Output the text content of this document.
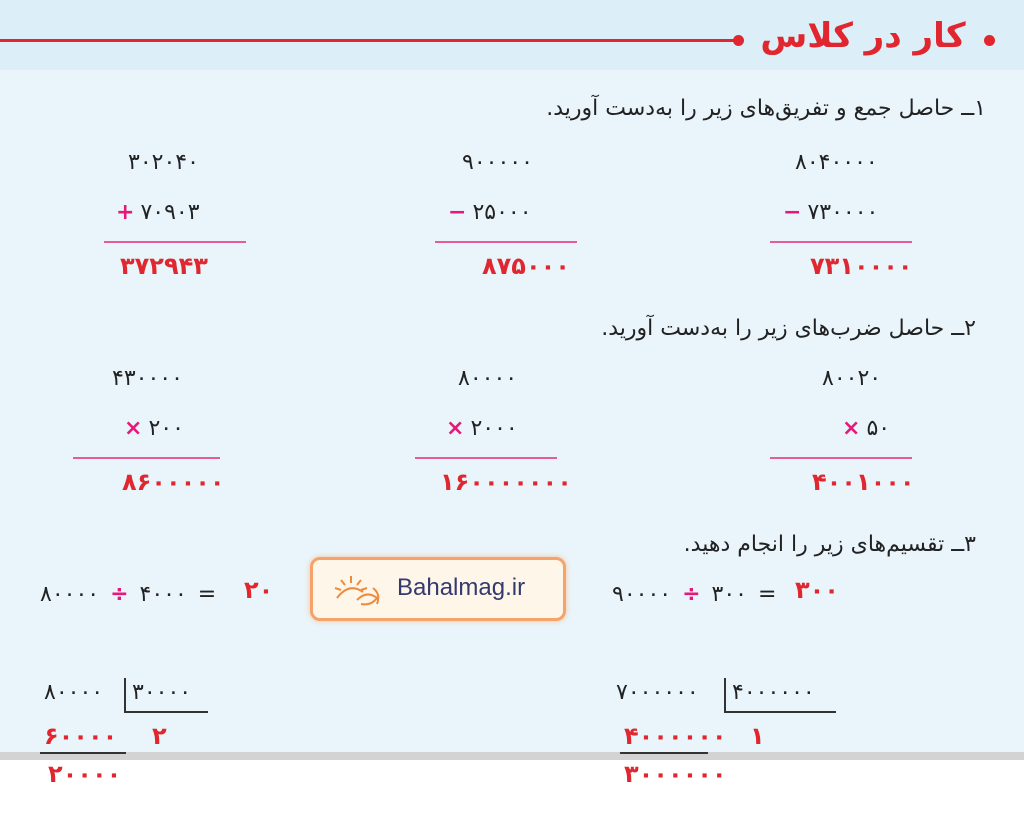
کار در کلاس
۱ــ حاصل جمع و تفریق‌های زیر را به‌دست آورید.
۸۰۴۰۰۰۰
− ۷۳۰۰۰۰
۷۳۱۰۰۰۰
۹۰۰۰۰۰
− ۲۵۰۰۰
۸۷۵۰۰۰
۳۰۲۰۴۰
+ ۷۰۹۰۳
۳۷۲۹۴۳
۲ــ حاصل ضرب‌های زیر را به‌دست آورید.
۸۰۰۲۰
× ۵۰
۴۰۰۱۰۰۰
۸۰۰۰۰
× ۲۰۰۰
۱۶۰۰۰۰۰۰۰
۴۳۰۰۰۰
× ۲۰۰
۸۶۰۰۰۰۰
۳ــ تقسیم‌های زیر را انجام دهید.
۹۰۰۰۰ ÷ ۳۰۰ = ۳۰۰
۸۰۰۰۰ ÷ ۴۰۰۰ = ۲۰
۸۰۰۰۰ ۳۰۰۰۰
۲
۶۰۰۰۰
۲۰۰۰۰
۷۰۰۰۰۰۰ ۴۰۰۰۰۰۰
۱
۴۰۰۰۰۰۰
۳۰۰۰۰۰۰
Bahalmag.ir
